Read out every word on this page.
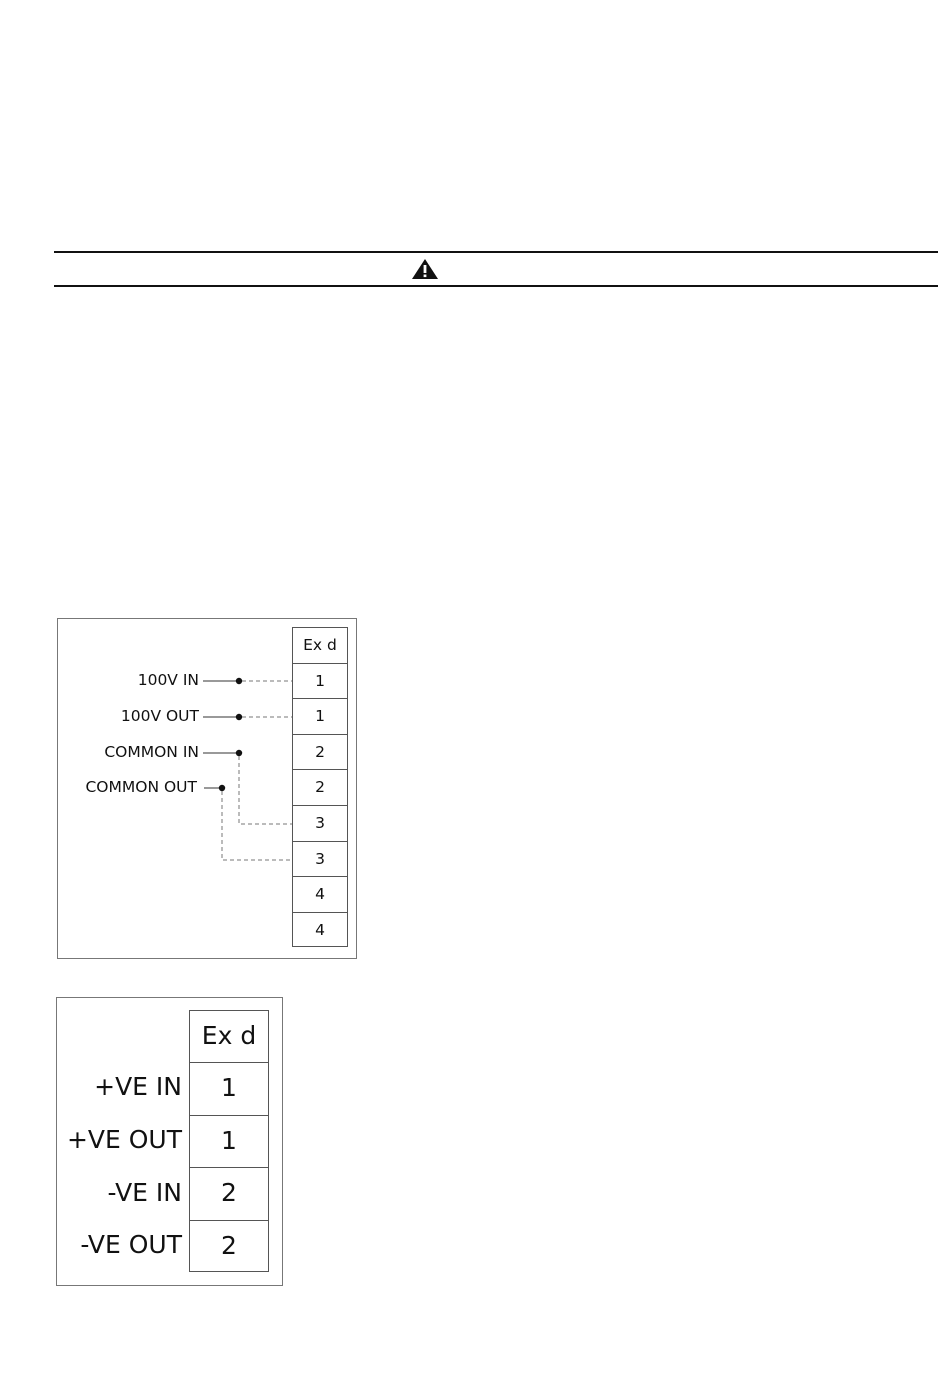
100V IN
100V OUT
COMMON IN
COMMON OUT
Ex d
1
1
2
2
3
3
4
4
+VE IN
+VE OUT
-VE IN
-VE OUT
Ex d
1
1
2
2
